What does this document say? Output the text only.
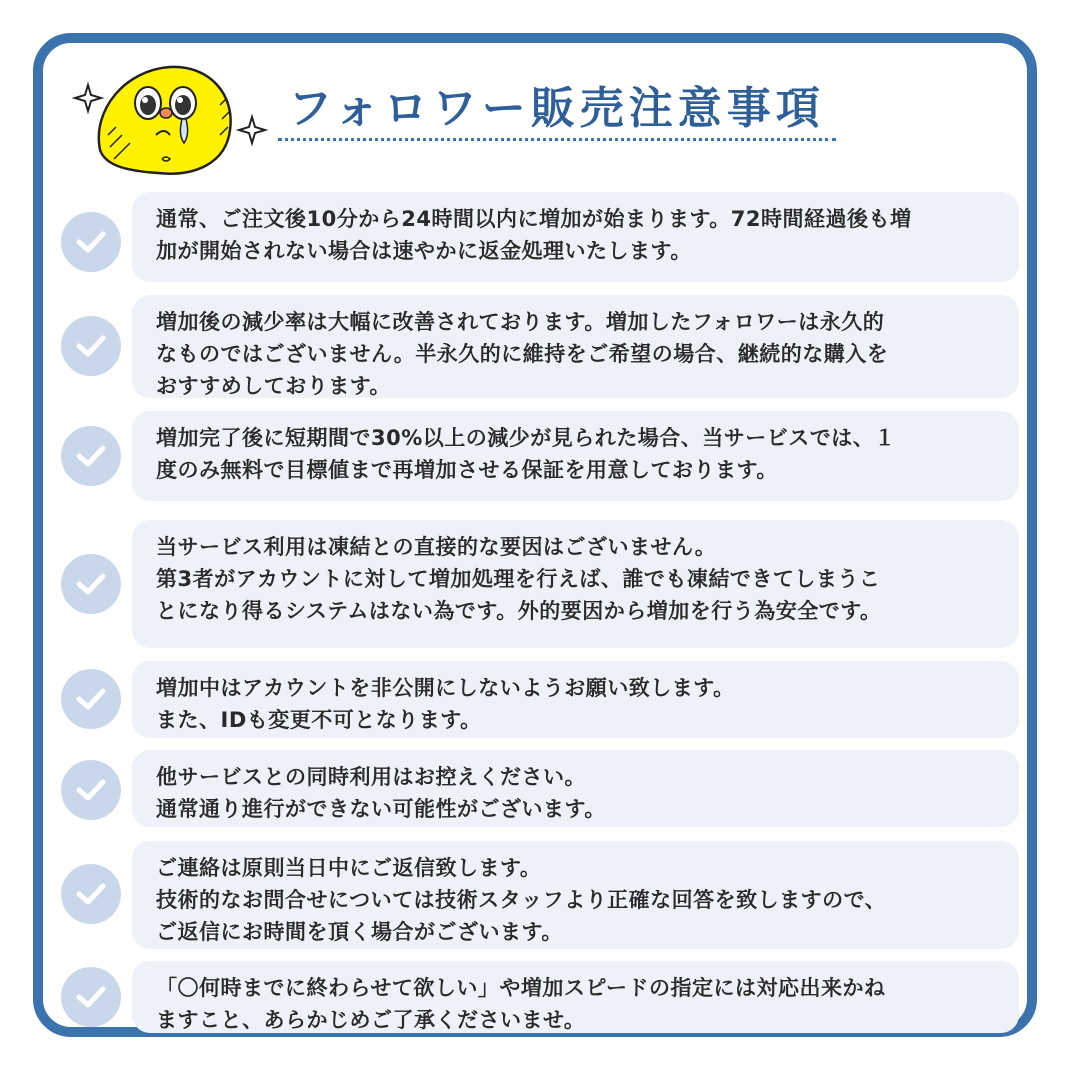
フォロワー販売注意事項
通常、ご注文後10分から24時間以内に増加が始まります。72時間経過後も増
加が開始されない場合は速やかに返金処理いたします。
増加後の減少率は大幅に改善されております。増加したフォロワーは永久的
なものではございません。半永久的に維持をご希望の場合、継続的な購入を
おすすめしております。
増加完了後に短期間で30%以上の減少が見られた場合、当サービスでは、１
度のみ無料で目標値まで再増加させる保証を用意しております。
当サービス利用は凍結との直接的な要因はございません。
第3者がアカウントに対して増加処理を行えば、誰でも凍結できてしまうこ
とになり得るシステムはない為です。外的要因から増加を行う為安全です。
増加中はアカウントを非公開にしないようお願い致します。
また、IDも変更不可となります。
他サービスとの同時利用はお控えください。
通常通り進行ができない可能性がございます。
ご連絡は原則当日中にご返信致します。
技術的なお問合せについては技術スタッフより正確な回答を致しますので、
ご返信にお時間を頂く場合がございます。
「〇何時までに終わらせて欲しい」や増加スピードの指定には対応出来かね
ますこと、あらかじめご了承くださいませ。
